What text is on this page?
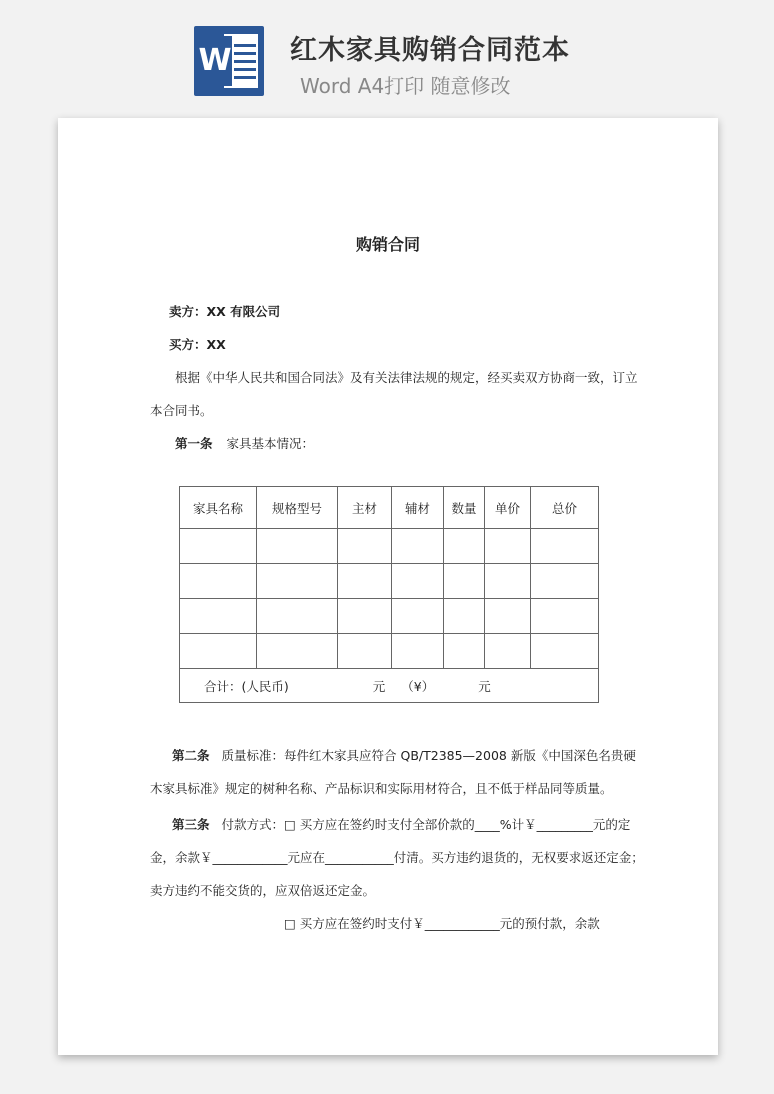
W 红木家具购销合同范本
Word A4打印 随意修改
购销合同
卖方：XX 有限公司
买方：XX
根据《中华人民共和国合同法》及有关法律法规的规定，经买卖双方协商一致，订立
本合同书。
第一条 家具基本情况：
家具名称	规格型号	主材	辅材	数量	单价	总价

合计：(人民币) 元 （¥） 元						
第二条 质量标准：每件红木家具应符合 QB/T2385—2008 新版《中国深色名贵硬
木家具标准》规定的树种名称、产品标识和实际用材符合，且不低于样品同等质量。
第三条 付款方式：□ 买方应在签约时支付全部价款的____%计￥_________元的定
金，余款￥____________元应在___________付清。买方违约退货的，无权要求返还定金；
卖方违约不能交货的，应双倍返还定金。
□ 买方应在签约时支付￥____________元的预付款，余款
